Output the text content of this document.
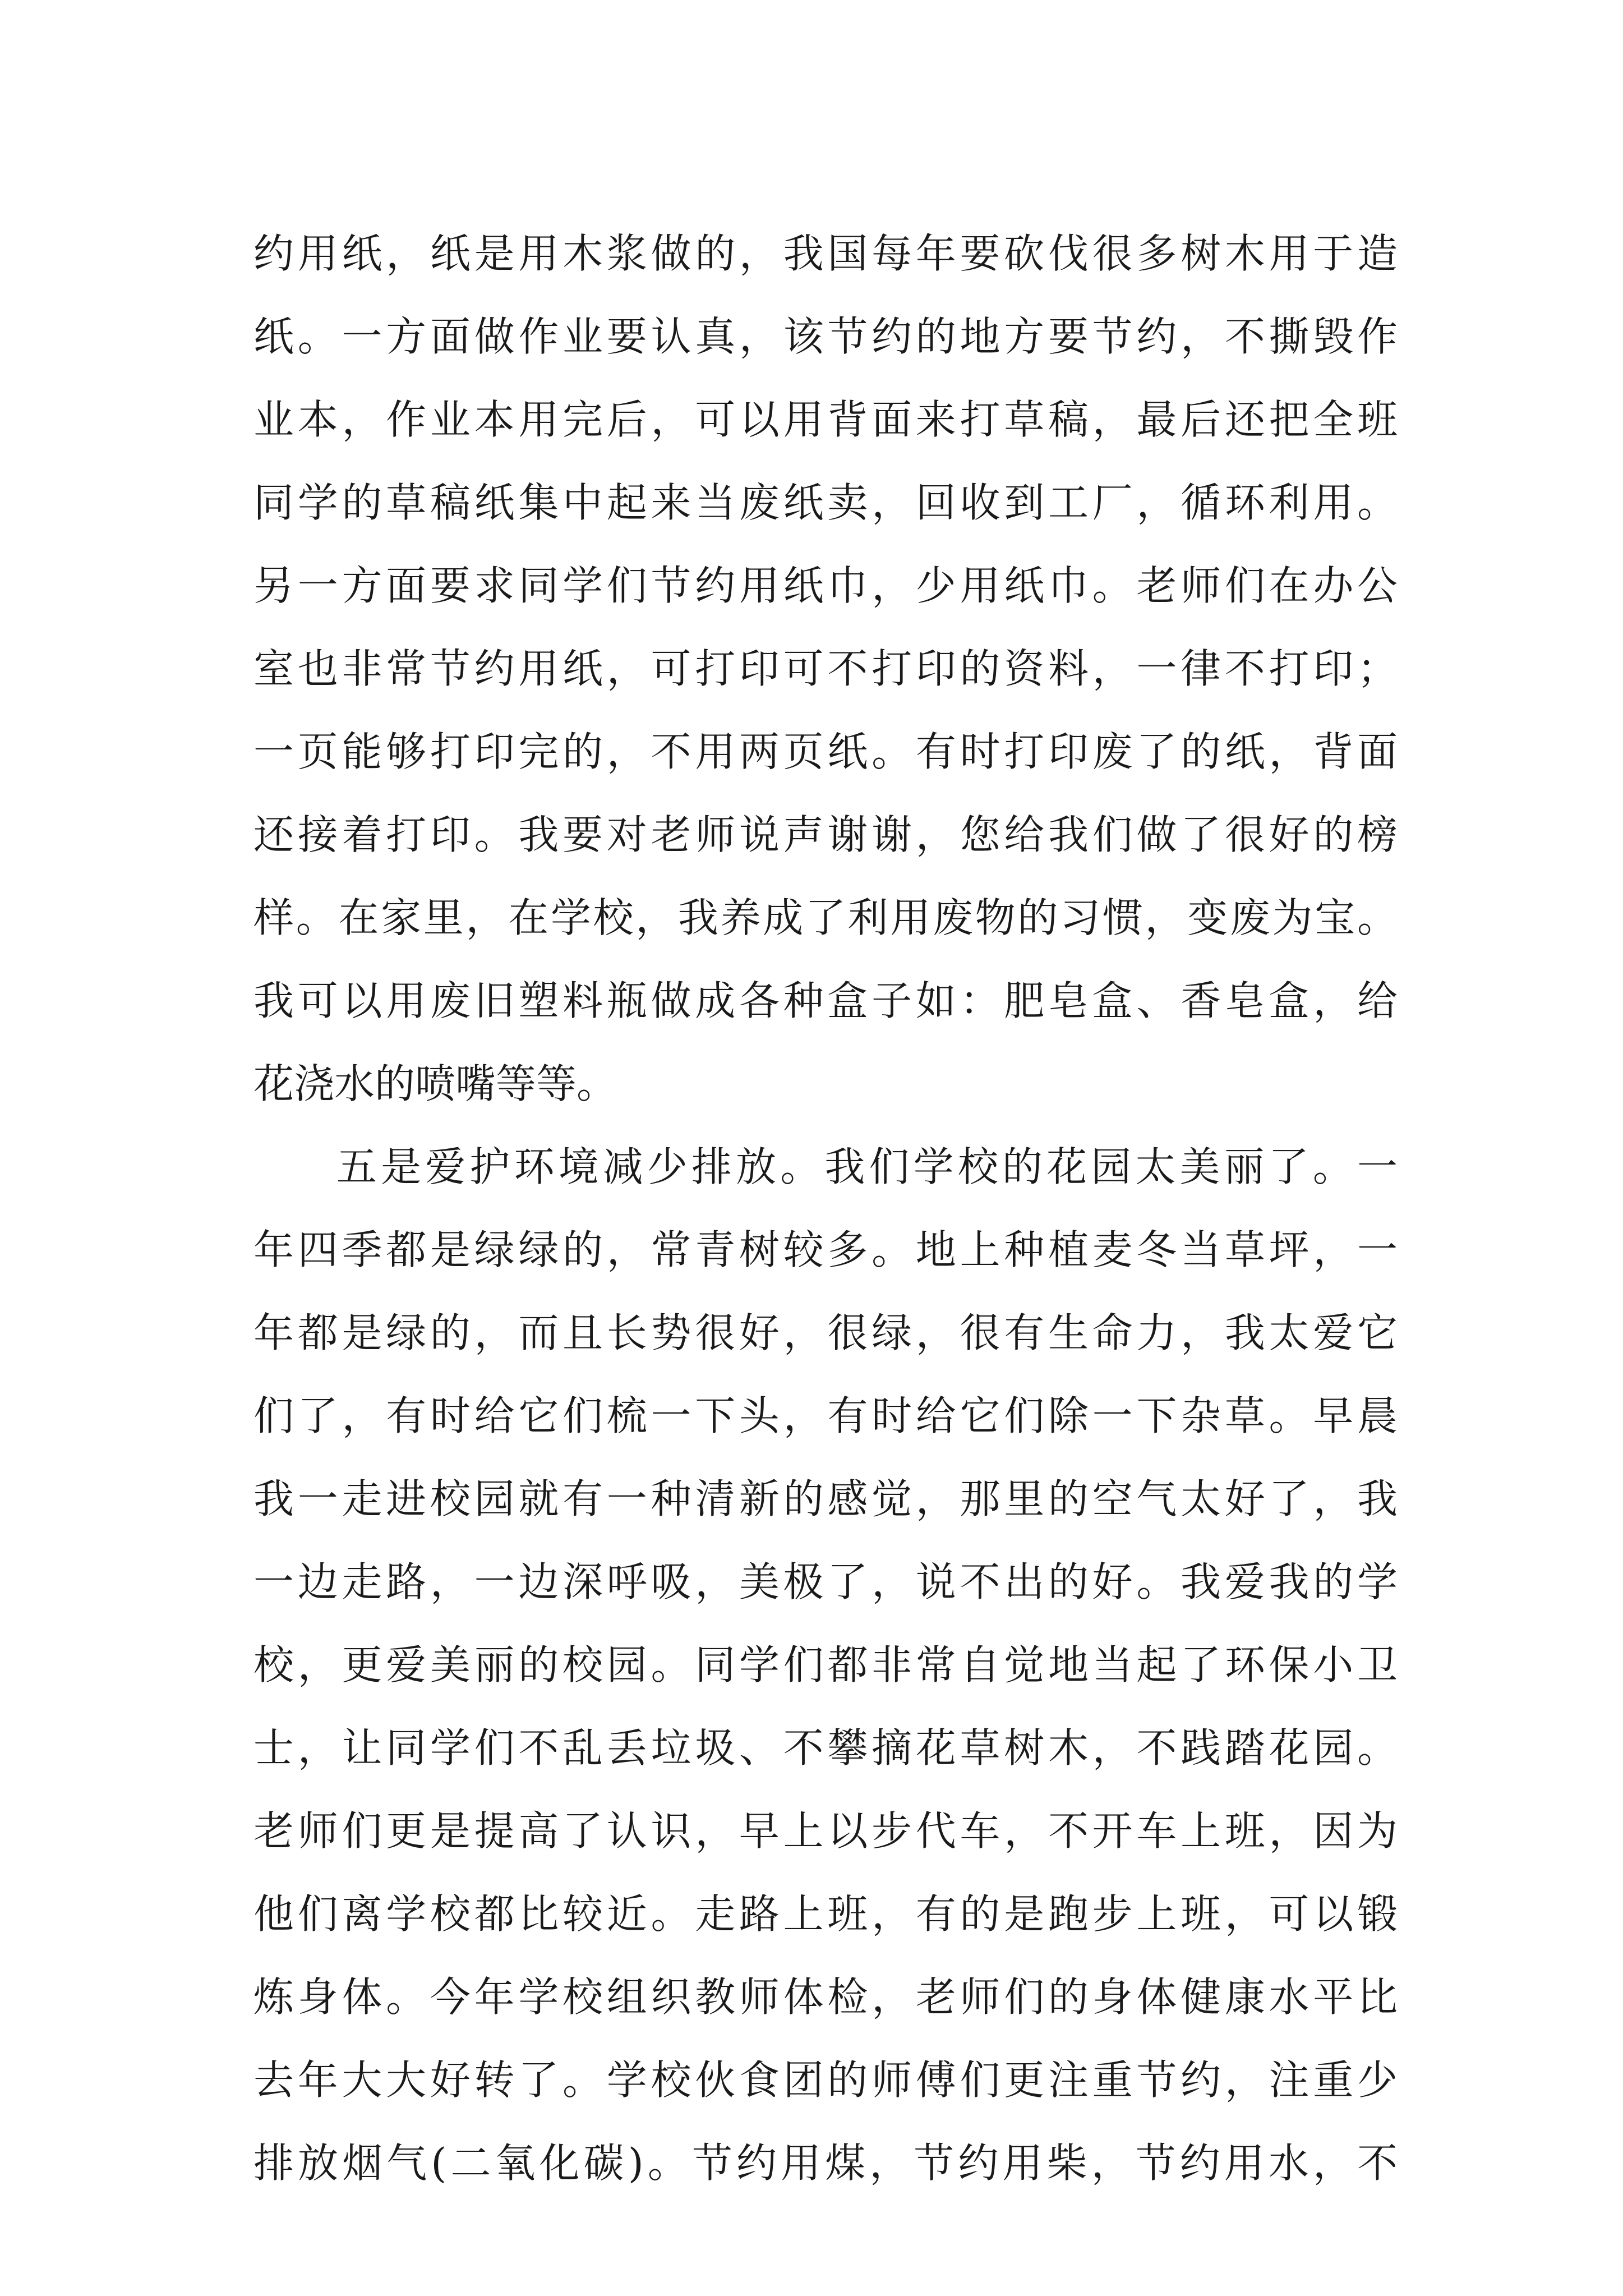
约用纸，纸是用木浆做的，我国每年要砍伐很多树木用于造
纸。一方面做作业要认真，该节约的地方要节约，不撕毁作
业本，作业本用完后，可以用背面来打草稿，最后还把全班
同学的草稿纸集中起来当废纸卖，回收到工厂，循环利用。
另一方面要求同学们节约用纸巾，少用纸巾。老师们在办公
室也非常节约用纸，可打印可不打印的资料，一律不打印；
一页能够打印完的，不用两页纸。有时打印废了的纸，背面
还接着打印。我要对老师说声谢谢，您给我们做了很好的榜
样。在家里，在学校，我养成了利用废物的习惯，变废为宝。
我可以用废旧塑料瓶做成各种盒子如：肥皂盒、香皂盒，给
花浇水的喷嘴等等。
五是爱护环境减少排放。我们学校的花园太美丽了。一
年四季都是绿绿的，常青树较多。地上种植麦冬当草坪，一
年都是绿的，而且长势很好，很绿，很有生命力，我太爱它
们了，有时给它们梳一下头，有时给它们除一下杂草。早晨
我一走进校园就有一种清新的感觉，那里的空气太好了，我
一边走路，一边深呼吸，美极了，说不出的好。我爱我的学
校，更爱美丽的校园。同学们都非常自觉地当起了环保小卫
士，让同学们不乱丢垃圾、不攀摘花草树木，不践踏花园。
老师们更是提高了认识，早上以步代车，不开车上班，因为
他们离学校都比较近。走路上班，有的是跑步上班，可以锻
炼身体。今年学校组织教师体检，老师们的身体健康水平比
去年大大好转了。学校伙食团的师傅们更注重节约，注重少
排放烟气(二氧化碳)。节约用煤，节约用柴，节约用水，不
